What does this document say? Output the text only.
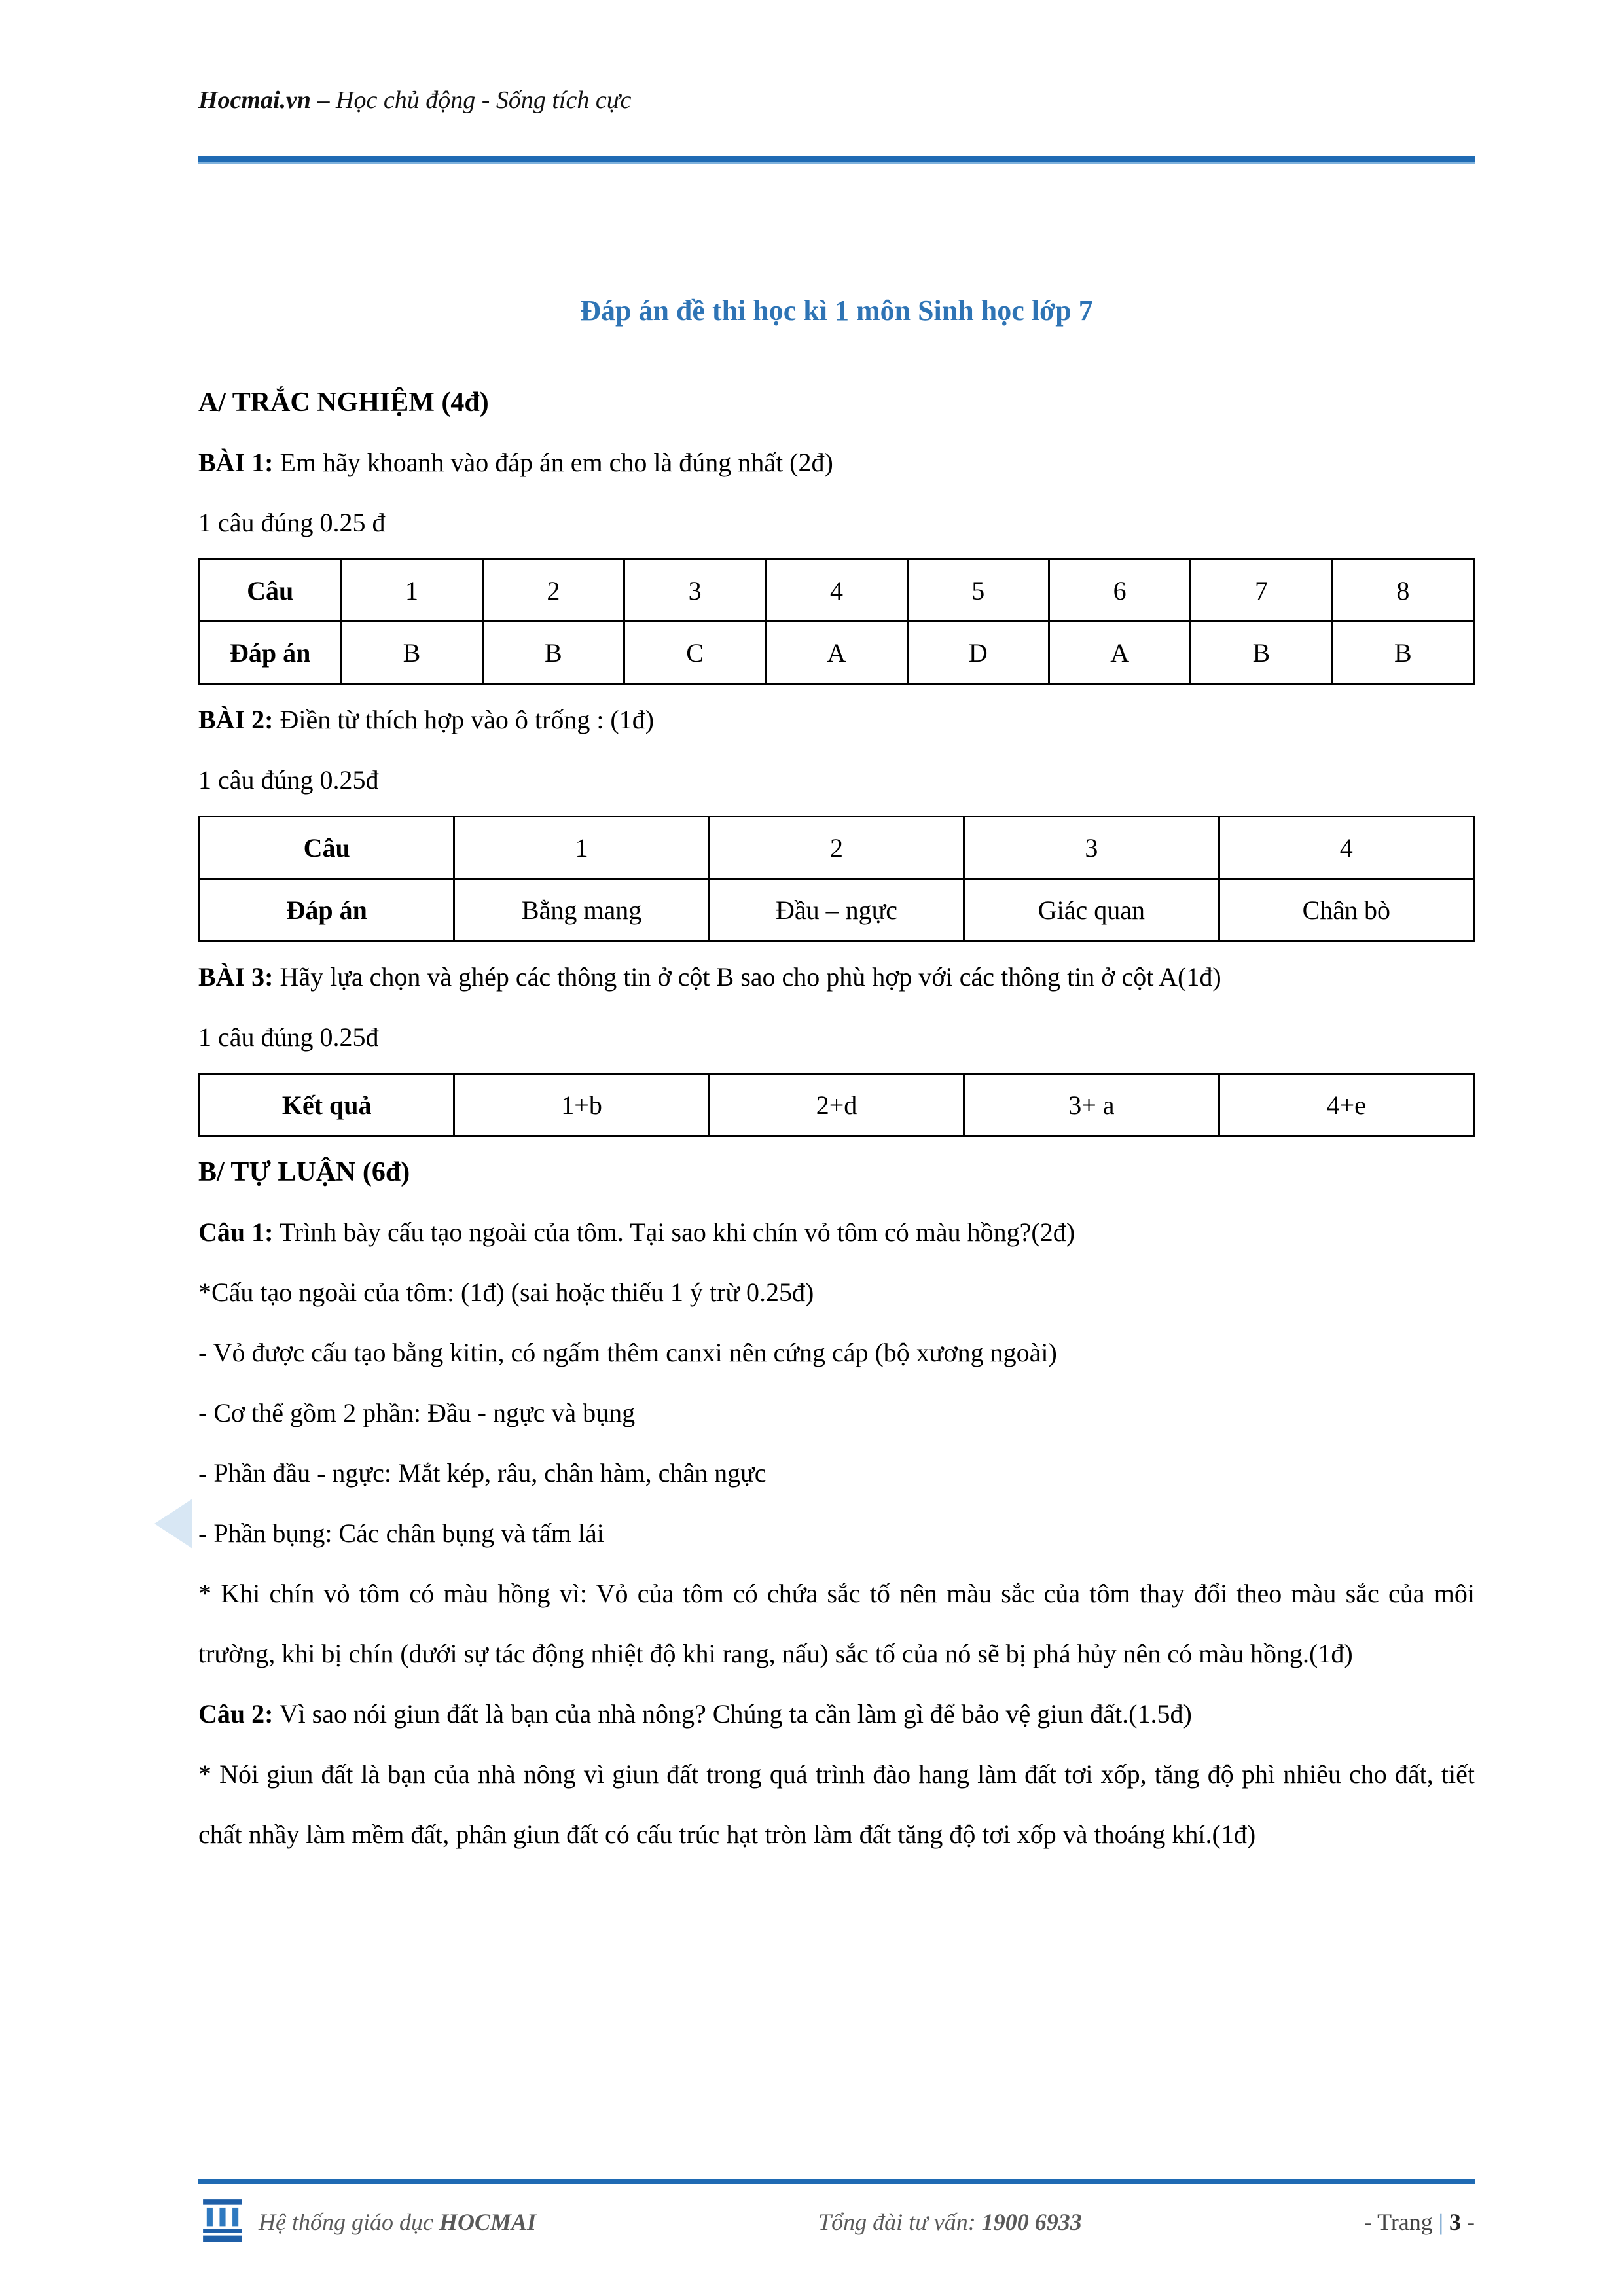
Hocmai.vn – Học chủ động - Sống tích cực
Đáp án đề thi học kì 1 môn Sinh học lớp 7

A/ TRẮC NGHIỆM (4đ)

BÀI 1: Em hãy khoanh vào đáp án em cho là đúng nhất (2đ)

1 câu đúng 0.25 đ

Câu	1	2	3	4	5	6	7	8
Đáp án	B	B	C	A	D	A	B	B

BÀI 2: Điền từ thích hợp vào ô trống : (1đ)

1 câu đúng 0.25đ

Câu	1	2	3	4
Đáp án	Bằng mang	Đầu – ngực	Giác quan	Chân bò

BÀI 3: Hãy lựa chọn và ghép các thông tin ở cột B sao cho phù hợp với các thông tin ở cột A(1đ)

1 câu đúng 0.25đ

Kết quả	1+b	2+d	3+ a	4+e

B/ TỰ LUẬN (6đ)

Câu 1: Trình bày cấu tạo ngoài của tôm. Tại sao khi chín vỏ tôm có màu hồng?(2đ)

*Cấu tạo ngoài của tôm: (1đ) (sai hoặc thiếu 1 ý trừ 0.25đ)

- Vỏ được cấu tạo bằng kitin, có ngấm thêm canxi nên cứng cáp (bộ xương ngoài)

- Cơ thể gồm 2 phần: Đầu - ngực và bụng

- Phần đầu - ngực: Mắt kép, râu, chân hàm, chân ngực

- Phần bụng: Các chân bụng và tấm lái

* Khi chín vỏ tôm có màu hồng vì: Vỏ của tôm có chứa sắc tố nên màu sắc của tôm thay đổi theo màu sắc của môi trường, khi bị chín (dưới sự tác động nhiệt độ khi rang, nấu) sắc tố của nó sẽ bị phá hủy nên có màu hồng.(1đ)

Câu 2: Vì sao nói giun đất là bạn của nhà nông? Chúng ta cần làm gì để bảo vệ giun đất.(1.5đ)

* Nói giun đất là bạn của nhà nông vì giun đất trong quá trình đào hang làm đất tơi xốp, tăng độ phì nhiêu cho đất, tiết chất nhầy làm mềm đất, phân giun đất có cấu trúc hạt tròn làm đất tăng độ tơi xốp và thoáng khí.(1đ)

Hệ thống giáo dục HOCMAI	Tổng đài tư vấn: 1900 6933	- Trang | 3 -
